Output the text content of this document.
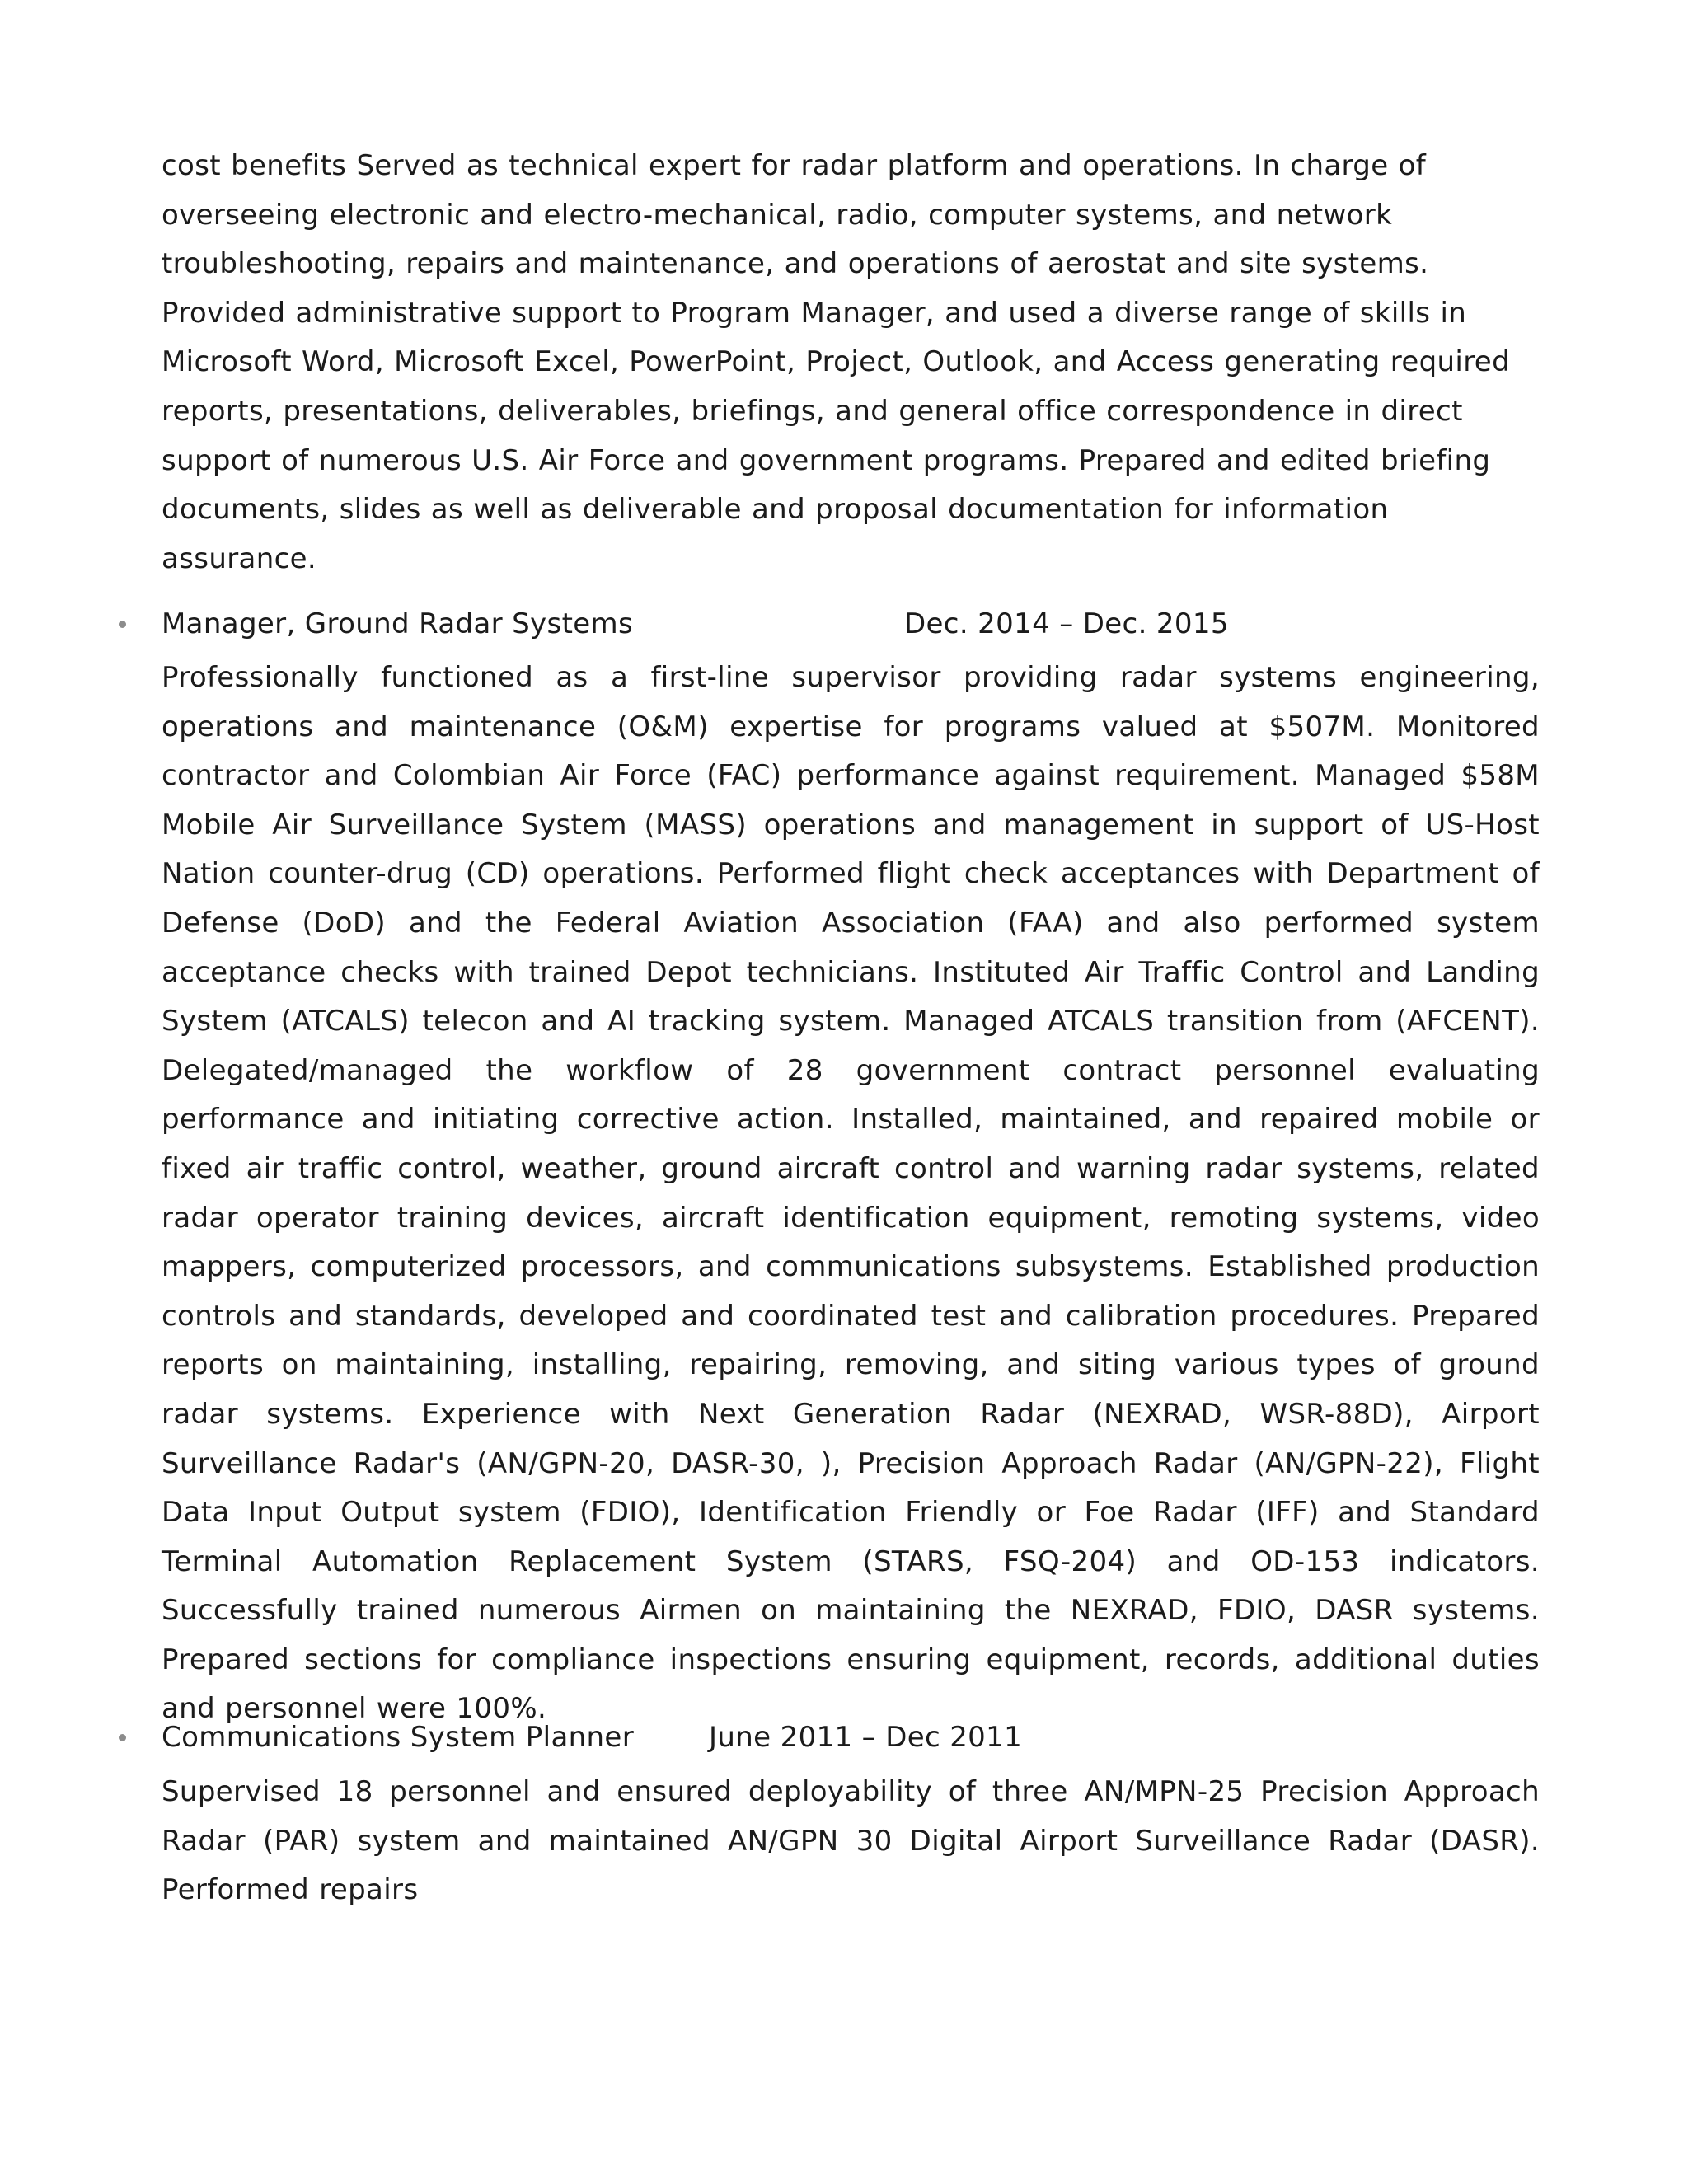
cost benefits Served as technical expert for radar platform and operations. In charge of overseeing electronic and electro-mechanical, radio, computer systems, and network troubleshooting, repairs and maintenance, and operations of aerostat and site systems. Provided administrative support to Program Manager, and used a diverse range of skills in Microsoft Word, Microsoft Excel, PowerPoint, Project, Outlook, and Access generating required reports, presentations, deliverables, briefings, and general office correspondence in direct support of numerous U.S. Air Force and government programs. Prepared and edited briefing documents, slides as well as deliverable and proposal documentation for information assurance.

Manager, Ground Radar Systems	Dec. 2014 – Dec. 2015

Professionally functioned as a first-line supervisor providing radar systems engineering, operations and maintenance (O&M) expertise for programs valued at $507M. Monitored contractor and Colombian Air Force (FAC) performance against requirement. Managed $58M Mobile Air Surveillance System (MASS) operations and management in support of US-Host Nation counter-drug (CD) operations. Performed flight check acceptances with Department of Defense (DoD) and the Federal Aviation Association (FAA) and also performed system acceptance checks with trained Depot technicians. Instituted Air Traffic Control and Landing System (ATCALS) telecon and AI tracking system. Managed ATCALS transition from (AFCENT). Delegated/managed the workflow of 28 government contract personnel evaluating performance and initiating corrective action. Installed, maintained, and repaired mobile or fixed air traffic control, weather, ground aircraft control and warning radar systems, related radar operator training devices, aircraft identification equipment, remoting systems, video mappers, computerized processors, and communications subsystems. Established production controls and standards, developed and coordinated test and calibration procedures. Prepared reports on maintaining, installing, repairing, removing, and siting various types of ground radar systems. Experience with Next Generation Radar (NEXRAD, WSR-88D), Airport Surveillance Radar's (AN/GPN-20, DASR-30, ), Precision Approach Radar (AN/GPN-22), Flight Data Input Output system (FDIO), Identification Friendly or Foe Radar (IFF) and Standard Terminal Automation Replacement System (STARS, FSQ-204) and OD-153 indicators. Successfully trained numerous Airmen on maintaining the NEXRAD, FDIO, DASR systems. Prepared sections for compliance inspections ensuring equipment, records, additional duties and personnel were 100%.

Communications System Planner	June 2011 – Dec 2011

Supervised 18 personnel and ensured deployability of three AN/MPN-25 Precision Approach Radar (PAR) system and maintained AN/GPN 30 Digital Airport Surveillance Radar (DASR). Performed repairs
